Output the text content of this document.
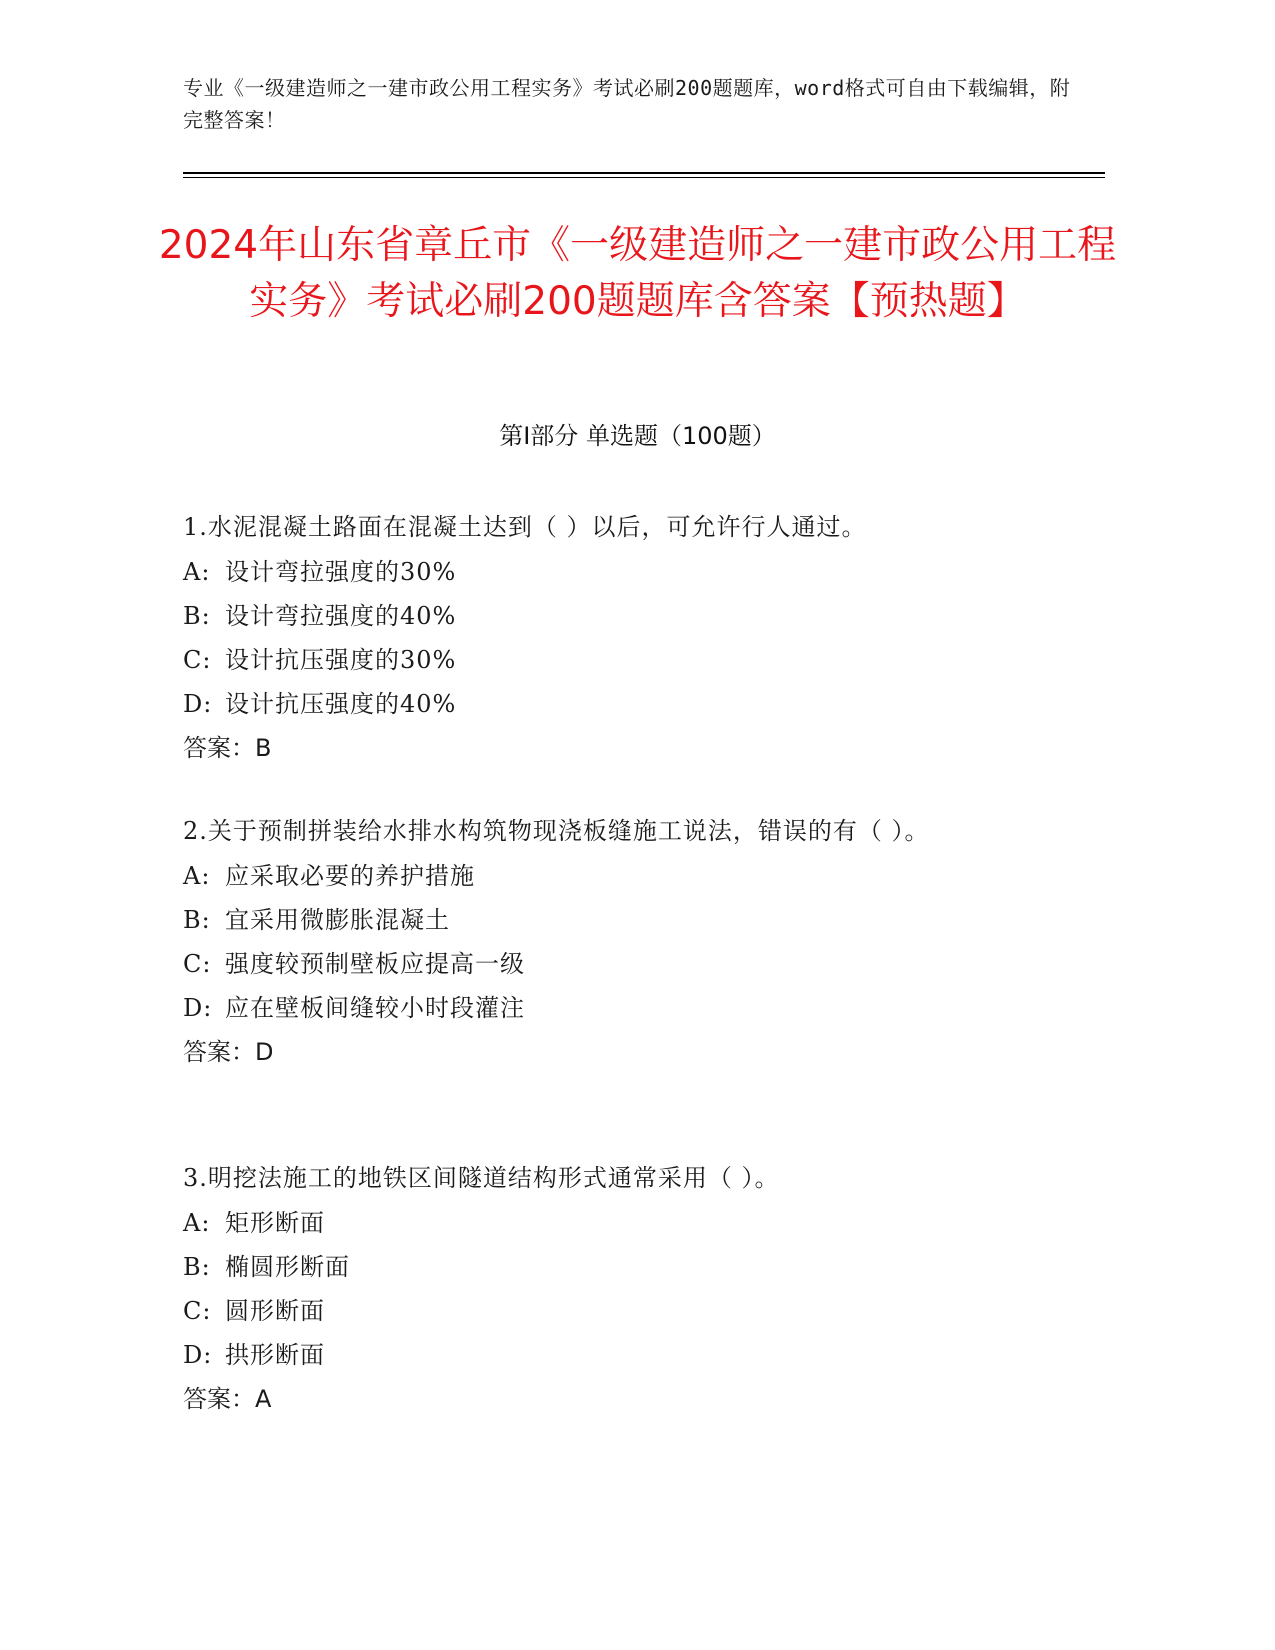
专业《一级建造师之一建市政公用工程实务》考试必刷200题题库，word格式可自由下载编辑，附完整答案！
2024年山东省章丘市《一级建造师之一建市政公用工程实务》考试必刷200题题库含答案【预热题】
第I部分 单选题（100题）
1.水泥混凝土路面在混凝土达到（ ）以后，可允许行人通过。
A: 设计弯拉强度的30%
B: 设计弯拉强度的40%
C: 设计抗压强度的30%
D: 设计抗压强度的40%
答案：B
2.关于预制拼装给水排水构筑物现浇板缝施工说法，错误的有（ ）。
A: 应采取必要的养护措施
B: 宜采用微膨胀混凝土
C: 强度较预制壁板应提高一级
D: 应在壁板间缝较小时段灌注
答案：D
3.明挖法施工的地铁区间隧道结构形式通常采用（ ）。
A: 矩形断面
B: 椭圆形断面
C: 圆形断面
D: 拱形断面
答案：A
